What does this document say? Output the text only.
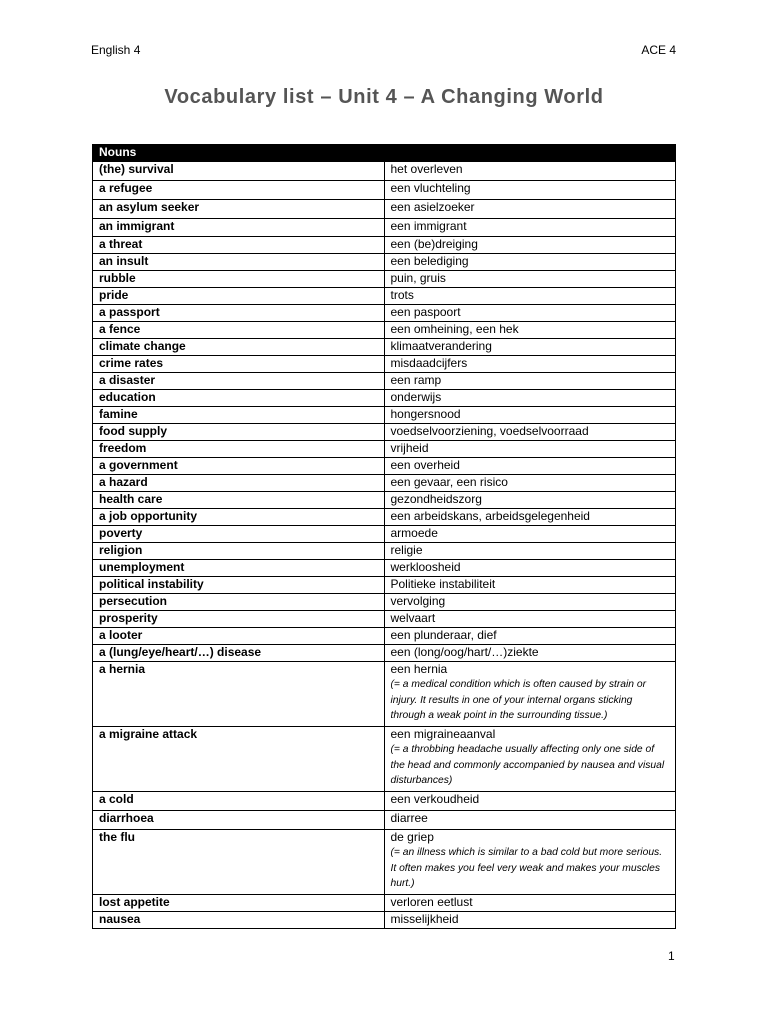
English 4	ACE 4
Vocabulary list – Unit 4 – A Changing World
Nouns	
(the) survival	het overleven
a refugee	een vluchteling
an asylum seeker	een asielzoeker
an immigrant	een immigrant
a threat	een (be)dreiging
an insult	een belediging
rubble	puin, gruis
pride	trots
a passport	een paspoort
a fence	een omheining, een hek
climate change	klimaatverandering
crime rates	misdaadcijfers
a disaster	een ramp
education	onderwijs
famine	hongersnood
food supply	voedselvoorziening, voedselvoorraad
freedom	vrijheid
a government	een overheid
a hazard	een gevaar, een risico
health care	gezondheidszorg
a job opportunity	een arbeidskans, arbeidsgelegenheid
poverty	armoede
religion	religie
unemployment	werkloosheid
political instability	Politieke instabiliteit
persecution	vervolging
prosperity	welvaart
a looter	een plunderaar, dief
a (lung/eye/heart/…) disease	een (long/oog/hart/…)ziekte
a hernia	een hernia
(= a medical condition which is often caused by strain or injury. It results in one of your internal organs sticking through a weak point in the surrounding tissue.)

a migraine attack	een migraineaanval
(= a throbbing headache usually affecting only one side of the head and commonly accompanied by nausea and visual disturbances)

a cold	een verkoudheid
diarrhoea	diarree
the flu	de griep
(= an illness which is similar to a bad cold but more serious. It often makes you feel very weak and makes your muscles hurt.)

lost appetite	verloren eetlust
nausea	misselijkheid
1
